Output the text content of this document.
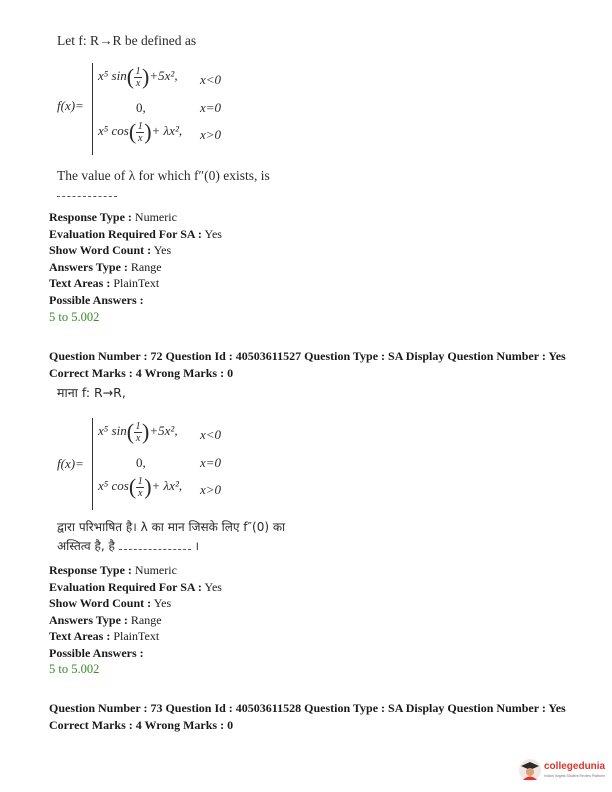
Let f: R→R be defined as
f(x)=
x⁵ $\sin( \frac{1}{x} )+5x^2$, x<0
0,	x=0
x⁵ $\cos( \frac{1}{x}$ )+ λx², x>0
The value of λ for which f″(0) exists, is
Response Type : Numeric
Evaluation Required For SA : Yes
Show Word Count : Yes
Answers Type : Range
Text Areas : PlainText
Possible Answers :
5 to 5.002
Question Number : 72 Question Id : 40503611527 Question Type : SA Display Question Number : Yes
Correct Marks : 4 Wrong Marks : 0
माना f: R→R,
f(x)=
x⁵ $\sin( \frac{1}{x} )+5x^2$, x<0
0,	x=0
x⁵ $\cos( \frac{1}{x}$ )+ λx², x>0
द्वारा परिभाषित है। λ का मान जिसके लिए f″(0) का
अस्तित्व है, है	।
Response Type : Numeric
Evaluation Required For SA : Yes
Show Word Count : Yes
Answers Type : Range
Text Areas : PlainText
Possible Answers :
5 to 5.002
Question Number : 73 Question Id : 40503611528 Question Type : SA Display Question Number : Yes
Correct Marks : 4 Wrong Marks : 0
collegedunia
India's largest Student Review Platform
